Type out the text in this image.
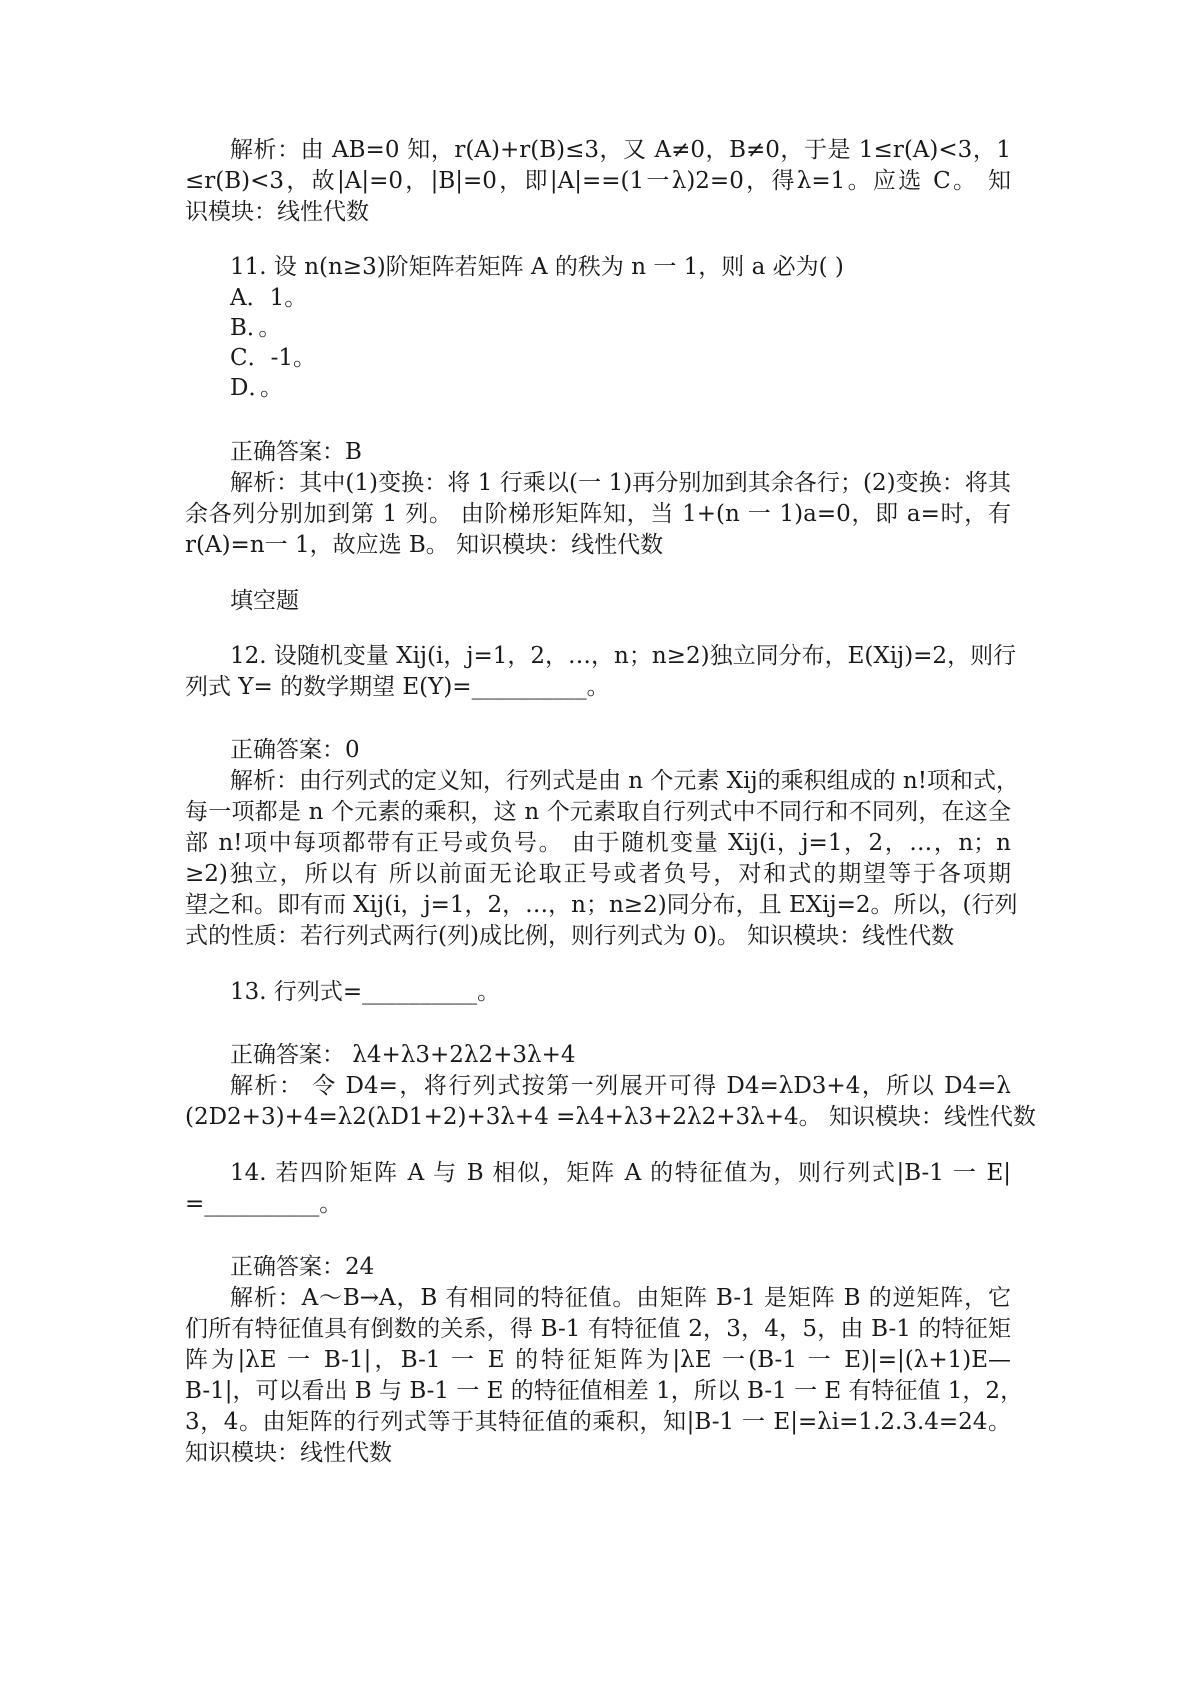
解析：由 AB=0 知，r(A)+r(B)≤3，又 A≠0，B≠0，于是 1≤r(A)<3，1
≤r(B)<3，故|A|=0，|B|=0，即|A|==(1一λ)2=0，得λ=1。应选 C。 知
识模块：线性代数
11. 设 n(n≥3)阶矩阵若矩阵 A 的秩为 n 一 1，则 a 必为( )
A．1。
B．。
C．-1。
D．。
正确答案：B
解析：其中(1)变换：将 1 行乘以(一 1)再分别加到其余各行；(2)变换：将其
余各列分别加到第 1 列。 由阶梯形矩阵知，当 1+(n 一 1)a=0，即 a=时，有
r(A)=n一 1，故应选 B。 知识模块：线性代数
填空题
12. 设随机变量 Xij(i，j=1，2，…，n；n≥2)独立同分布，E(Xij)=2，则行
列式 Y= 的数学期望 E(Y)=__________。
正确答案：0
解析：由行列式的定义知，行列式是由 n 个元素 Xij的乘积组成的 n!项和式，
每一项都是 n 个元素的乘积，这 n 个元素取自行列式中不同行和不同列，在这全
部 n!项中每项都带有正号或负号。 由于随机变量 Xij(i，j=1，2，…，n；n
≥2)独立，所以有 所以前面无论取正号或者负号，对和式的期望等于各项期
望之和。即有而 Xij(i，j=1，2，…，n；n≥2)同分布，且 EXij=2。所以，(行列
式的性质：若行列式两行(列)成比例，则行列式为 0)。 知识模块：线性代数
13. 行列式=__________。
正确答案： λ4+λ3+2λ2+3λ+4
解析： 令 D4=，将行列式按第一列展开可得 D4=λD3+4，所以 D4=λ
(2D2+3)+4=λ2(λD1+2)+3λ+4 =λ4+λ3+2λ2+3λ+4。 知识模块：线性代数
14. 若四阶矩阵 A 与 B 相似，矩阵 A 的特征值为，则行列式|B-1 一 E|
=__________。
正确答案：24
解析：A～B→A，B 有相同的特征值。由矩阵 B-1 是矩阵 B 的逆矩阵，它
们所有特征值具有倒数的关系，得 B-1 有特征值 2，3，4，5，由 B-1 的特征矩
阵为|λE 一 B-1|，B-1 一 E 的特征矩阵为|λE 一(B-1 一 E)|=|(λ+1)E—
B-1|，可以看出 B 与 B-1 一 E 的特征值相差 1，所以 B-1 一 E 有特征值 1，2，
3，4。由矩阵的行列式等于其特征值的乘积，知|B-1 一 E|=λi=1.2.3.4=24。
知识模块：线性代数
